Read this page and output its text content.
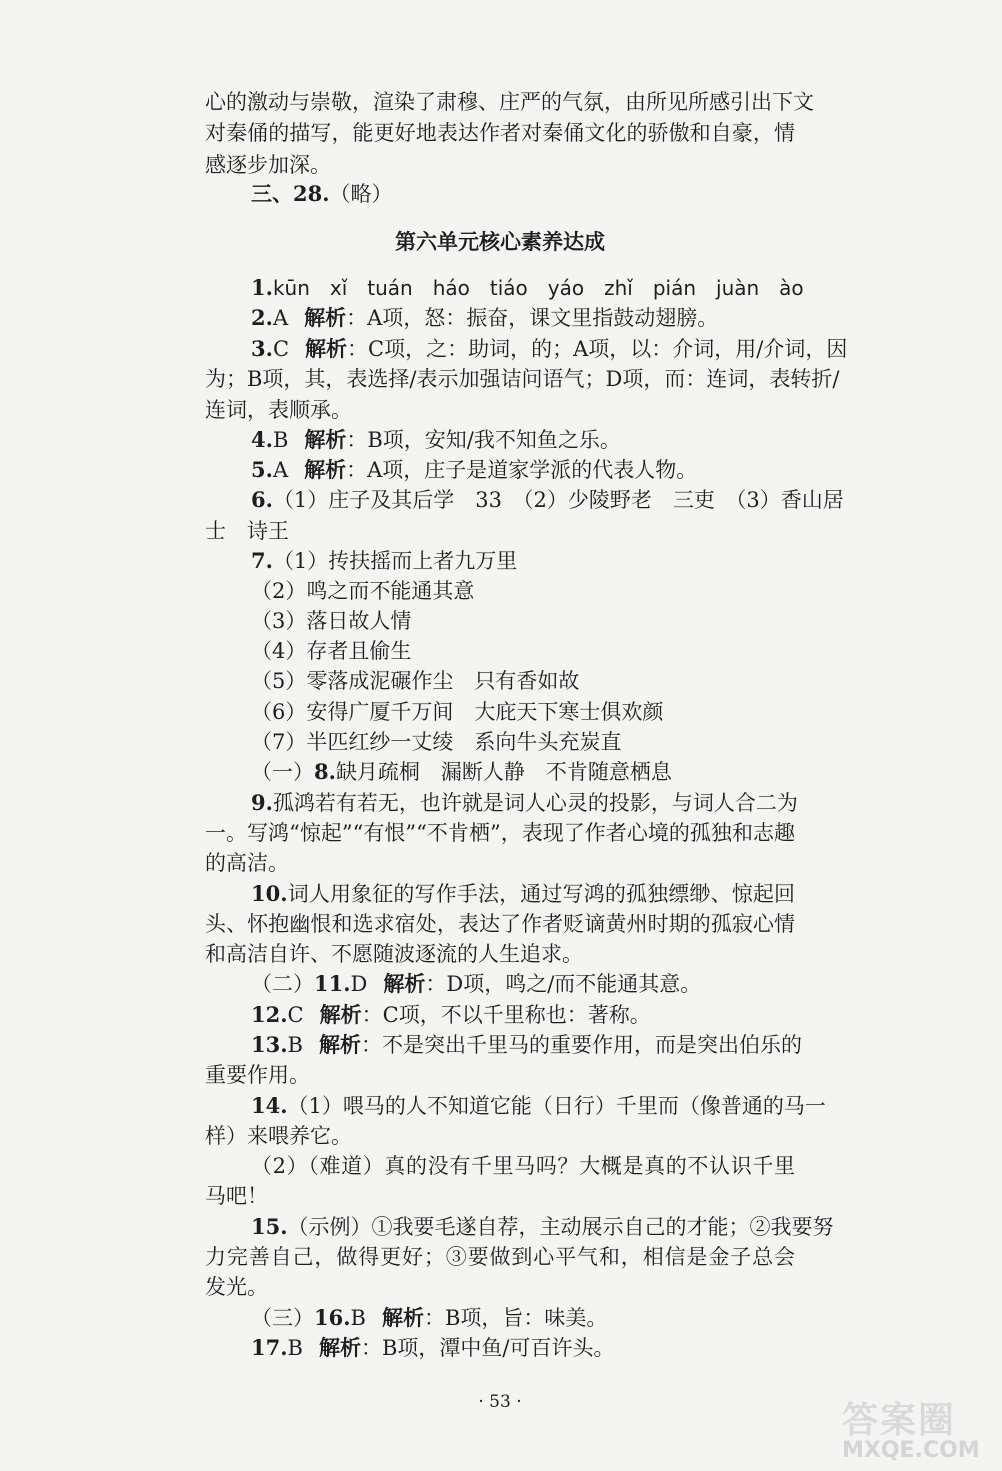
心的激动与崇敬，渲染了肃穆、庄严的气氛，由所见所感引出下文
对秦俑的描写，能更好地表达作者对秦俑文化的骄傲和自豪，情
感逐步加深。
三、28.（略）
第六单元核心素养达成
1.kūn　xǐ　tuán　háo　tiáo　yáo　zhǐ　pián　juàn　ào
2.A 解析：A项，怒：振奋，课文里指鼓动翅膀。
3.C 解析：C项，之：助词，的；A项，以：介词，用/介词，因
为；B项，其，表选择/表示加强诘问语气；D项，而：连词，表转折/
连词，表顺承。
4.B 解析：B项，安知/我不知鱼之乐。
5.A 解析：A项，庄子是道家学派的代表人物。
6.（1）庄子及其后学　33　（2）少陵野老　三吏　（3）香山居
士　诗王
7.（1）抟扶摇而上者九万里
（2）鸣之而不能通其意
（3）落日故人情
（4）存者且偷生
（5）零落成泥碾作尘　只有香如故
（6）安得广厦千万间　大庇天下寒士俱欢颜
（7）半匹红纱一丈绫　系向牛头充炭直
（一）8.缺月疏桐　漏断人静　不肯随意栖息
9.孤鸿若有若无，也许就是词人心灵的投影，与词人合二为
一。写鸿“惊起”“有恨”“不肯栖”，表现了作者心境的孤独和志趣
的高洁。
10.词人用象征的写作手法，通过写鸿的孤独缥缈、惊起回
头、怀抱幽恨和选求宿处，表达了作者贬谪黄州时期的孤寂心情
和高洁自许、不愿随波逐流的人生追求。
（二）11.D 解析：D项，鸣之/而不能通其意。
12.C 解析：C项，不以千里称也：著称。
13.B 解析：不是突出千里马的重要作用，而是突出伯乐的
重要作用。
14.（1）喂马的人不知道它能（日行）千里而（像普通的马一
样）来喂养它。
（2）（难道）真的没有千里马吗？大概是真的不认识千里
马吧！
15.（示例）①我要毛遂自荐，主动展示自己的才能；②我要努
力完善自己，做得更好；③要做到心平气和，相信是金子总会
发光。
（三）16.B 解析：B项，旨：味美。
17.B 解析：B项，潭中鱼/可百许头。
· 53 ·	答案圈
MXQE.COM
